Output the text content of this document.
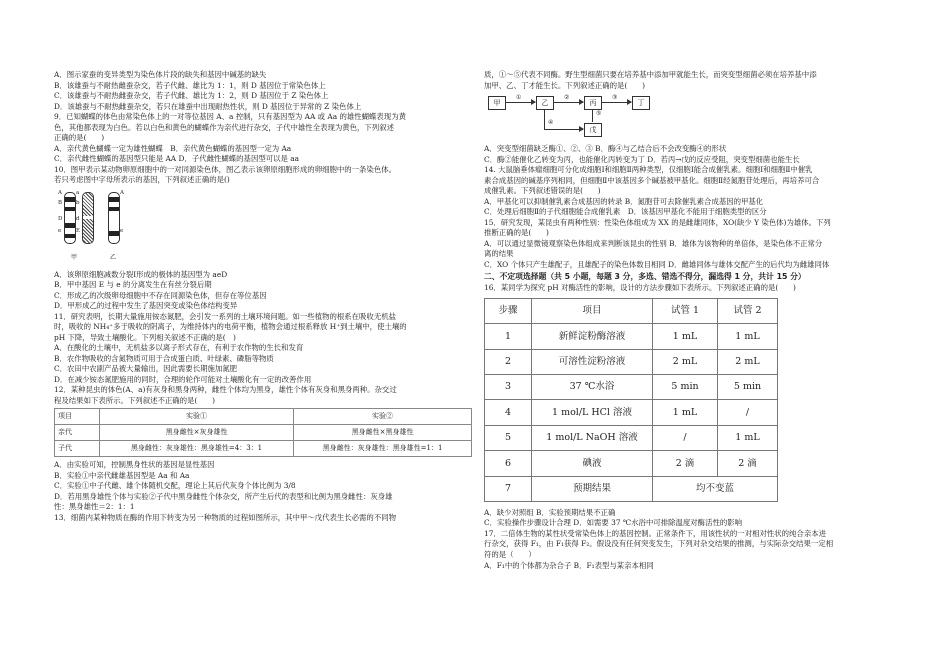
A．图示家蚕的变异类型为染色体片段的缺失和基因中碱基的缺失

B．该雄蚕与不耐热雌蚕杂交，若子代雌、雄比为 1：1，则 D 基因位于常染色体上

C．该雄蚕与不耐热雌蚕杂交，若子代雌、雄比为 1：2，则 D 基因位于 Z 染色体上

D．该雄蚕与不耐热雌蚕杂交，若只在雄蚕中出现耐热性状，则 D 基因位于异常的 Z 染色体上

9．已知蝴蝶的体色由常染色体上的一对等位基因 A、a 控制，只有基因型为 AA 或 Aa 的雄性蝴蝶表现为黄

色，其他都表现为白色。若以白色和黄色的蝴蝶作为亲代进行杂交，子代中雄性全表现为黄色，下列叙述

正确的是(　　)

A．亲代黄色蝴蝶一定为雄性蝴蝶　B．亲代黄色蝴蝶的基因型一定为 Aa

C．亲代雌性蝴蝶的基因型只能是 AA D．子代雌性蝴蝶的基因型可以是 aa

10．图甲表示某动物卵原细胞中的一对同源染色体，图乙表示该卵原细胞形成的卵细胞中的一条染色体。

若只考虑图中字母所表示的基因，下列叙述正确的是()

a
b
d
E
A
B
D
e
A
e
甲	乙

A．该卵原细胞减数分裂Ⅰ形成的极体的基因型为 aeD

B．甲中基因 E 与 e 的分离发生在有丝分裂后期

C．形成乙的次级卵母细胞中不存在同源染色体，但存在等位基因

D．甲形成乙的过程中发生了基因突变或染色体结构变异

11．研究表明，长期大量施用铵态氮肥，会引发一系列的土壤环境问题。如一些植物的根系在吸收无机盐

时，吸收的 NH₄⁺多于吸收的阴离子，为维持体内的电荷平衡，植物会通过根系释放 H⁺到土壤中，使土壤的

pH 下降，导致土壤酸化。下列相关叙述不正确的是(　)

A．在酸化的土壤中，无机盐多以离子形式存在，有利于农作物的生长和发育

B．农作物吸收的含氮物质可用于合成蛋白质、叶绿素、磷脂等物质

C．农田中农副产品被大量输出，因此需要长期施加氮肥

D．在减少铵态氮肥施用的同时，合理的轮作可能对土壤酸化有一定的改善作用

12．某种昆虫的体色(A、a)有灰身和黑身两种，雌性个体均为黑身，雄性个体有灰身和黑身两种。杂交过

程及结果如下表所示。下列叙述不正确的是(　　)

项目	实验①	实验②
亲代	黑身雌性×灰身雄性	黑身雌性×黑身雄性
子代	黑身雌性：灰身雄性：黑身雄性=4：3：1	黑身雌性：灰身雄性：黑身雄性=1：1

A．由实验可知，控制黑身性状的基因是显性基因

B．实验①中亲代雌雄基因型是 Aa 和 Aa

C．实验①中子代雌、雄个体随机交配，理论上其后代灰身个体比例为 3/8

D．若用黑身雄性个体与实验②子代中黑身雌性个体杂交，所产生后代的表型和比例为黑身雌性：灰身雄

性：黑身雄性＝2：1：1

13．细菌内某种物质在酶的作用下转变为另一种物质的过程如图所示，其中甲～戊代表生长必需的不同物

质，①～⑤代表不同酶。野生型细菌只要在培养基中添加甲就能生长，而突变型细菌必须在培养基中添

加甲、乙、丁才能生长。下列叙述正确的是(　　)

甲
①
乙
②
丙
③
丁
④
⑤
戊

A．突变型细菌缺乏酶①、②、③ B．酶④与乙结合后不会改变酶④的形状

C．酶②能催化乙转变为丙，也能催化丙转变为丁 D．若丙→戊的反应受阻，突变型细菌也能生长

14. 大鼠脑垂体瘤细胞可分化成细胞Ⅰ和细胞Ⅱ两种类型，仅细胞Ⅰ能合成催乳素。细胞Ⅰ和细胞Ⅱ中催乳

素合成基因的碱基序列相同，但细胞Ⅱ中该基因多个碱基被甲基化。细胞Ⅱ经氮胞苷处理后，再培养可合

成催乳素。下列叙述错误的是(　　)

A．甲基化可以抑制催乳素合成基因的转录 B．氮胞苷可去除催乳素合成基因的甲基化

C．处理后细胞Ⅱ的子代细胞能合成催乳素　D．该基因甲基化不能用于细胞类型的区分

15．研究发现，某昆虫有两种性别：性染色体组成为 XX 的是雌雄同体，XO(缺少 Y 染色体)为雄体。下列

推断正确的是(　　)

A．可以通过显微镜观察染色体组成来判断该昆虫的性别 B．雄体为该物种的单倍体，是染色体不正常分

离的结果

C．XO 个体只产生雄配子，且雄配子的染色体数目相同 D．雌雄同体与雄体交配产生的后代均为雌雄同体

二、不定项选择题（共 5 小题，每题 3 分，多选、错选不得分，漏选得 1 分，共计 15 分）

16．某同学为探究 pH 对酶活性的影响，设计的方法步骤如下表所示。下列叙述正确的是(　　)

步骤	项目	试管 1	试管 2
1	新鲜淀粉酶溶液	1 mL	1 mL
2	可溶性淀粉溶液	2 mL	2 mL
3	37 ℃水浴	5 min	5 min
4	1 mol/L HCl 溶液	1 mL	/
5	1 mol/L NaOH 溶液	/	1 mL
6	碘液	2 滴	2 滴
7	预期结果	均不变蓝	

A．缺少对照组 B．实验预期结果不正确

C．实验操作步骤设计合理 D．如需要 37 ℃水浴中可排除温度对酶活性的影响

17．二倍体生物的某性状受常染色体上的基因控制。正常条件下，用该性状的一对相对性状的纯合亲本进

行杂交，获得 F₁，由 F₁获得 F₂。假设没有任何突变发生，下列对杂交结果的推测，与实际杂交结果一定相

符的是（　　）

A．F₁中的个体都为杂合子 B．F₁表型与某亲本相同
